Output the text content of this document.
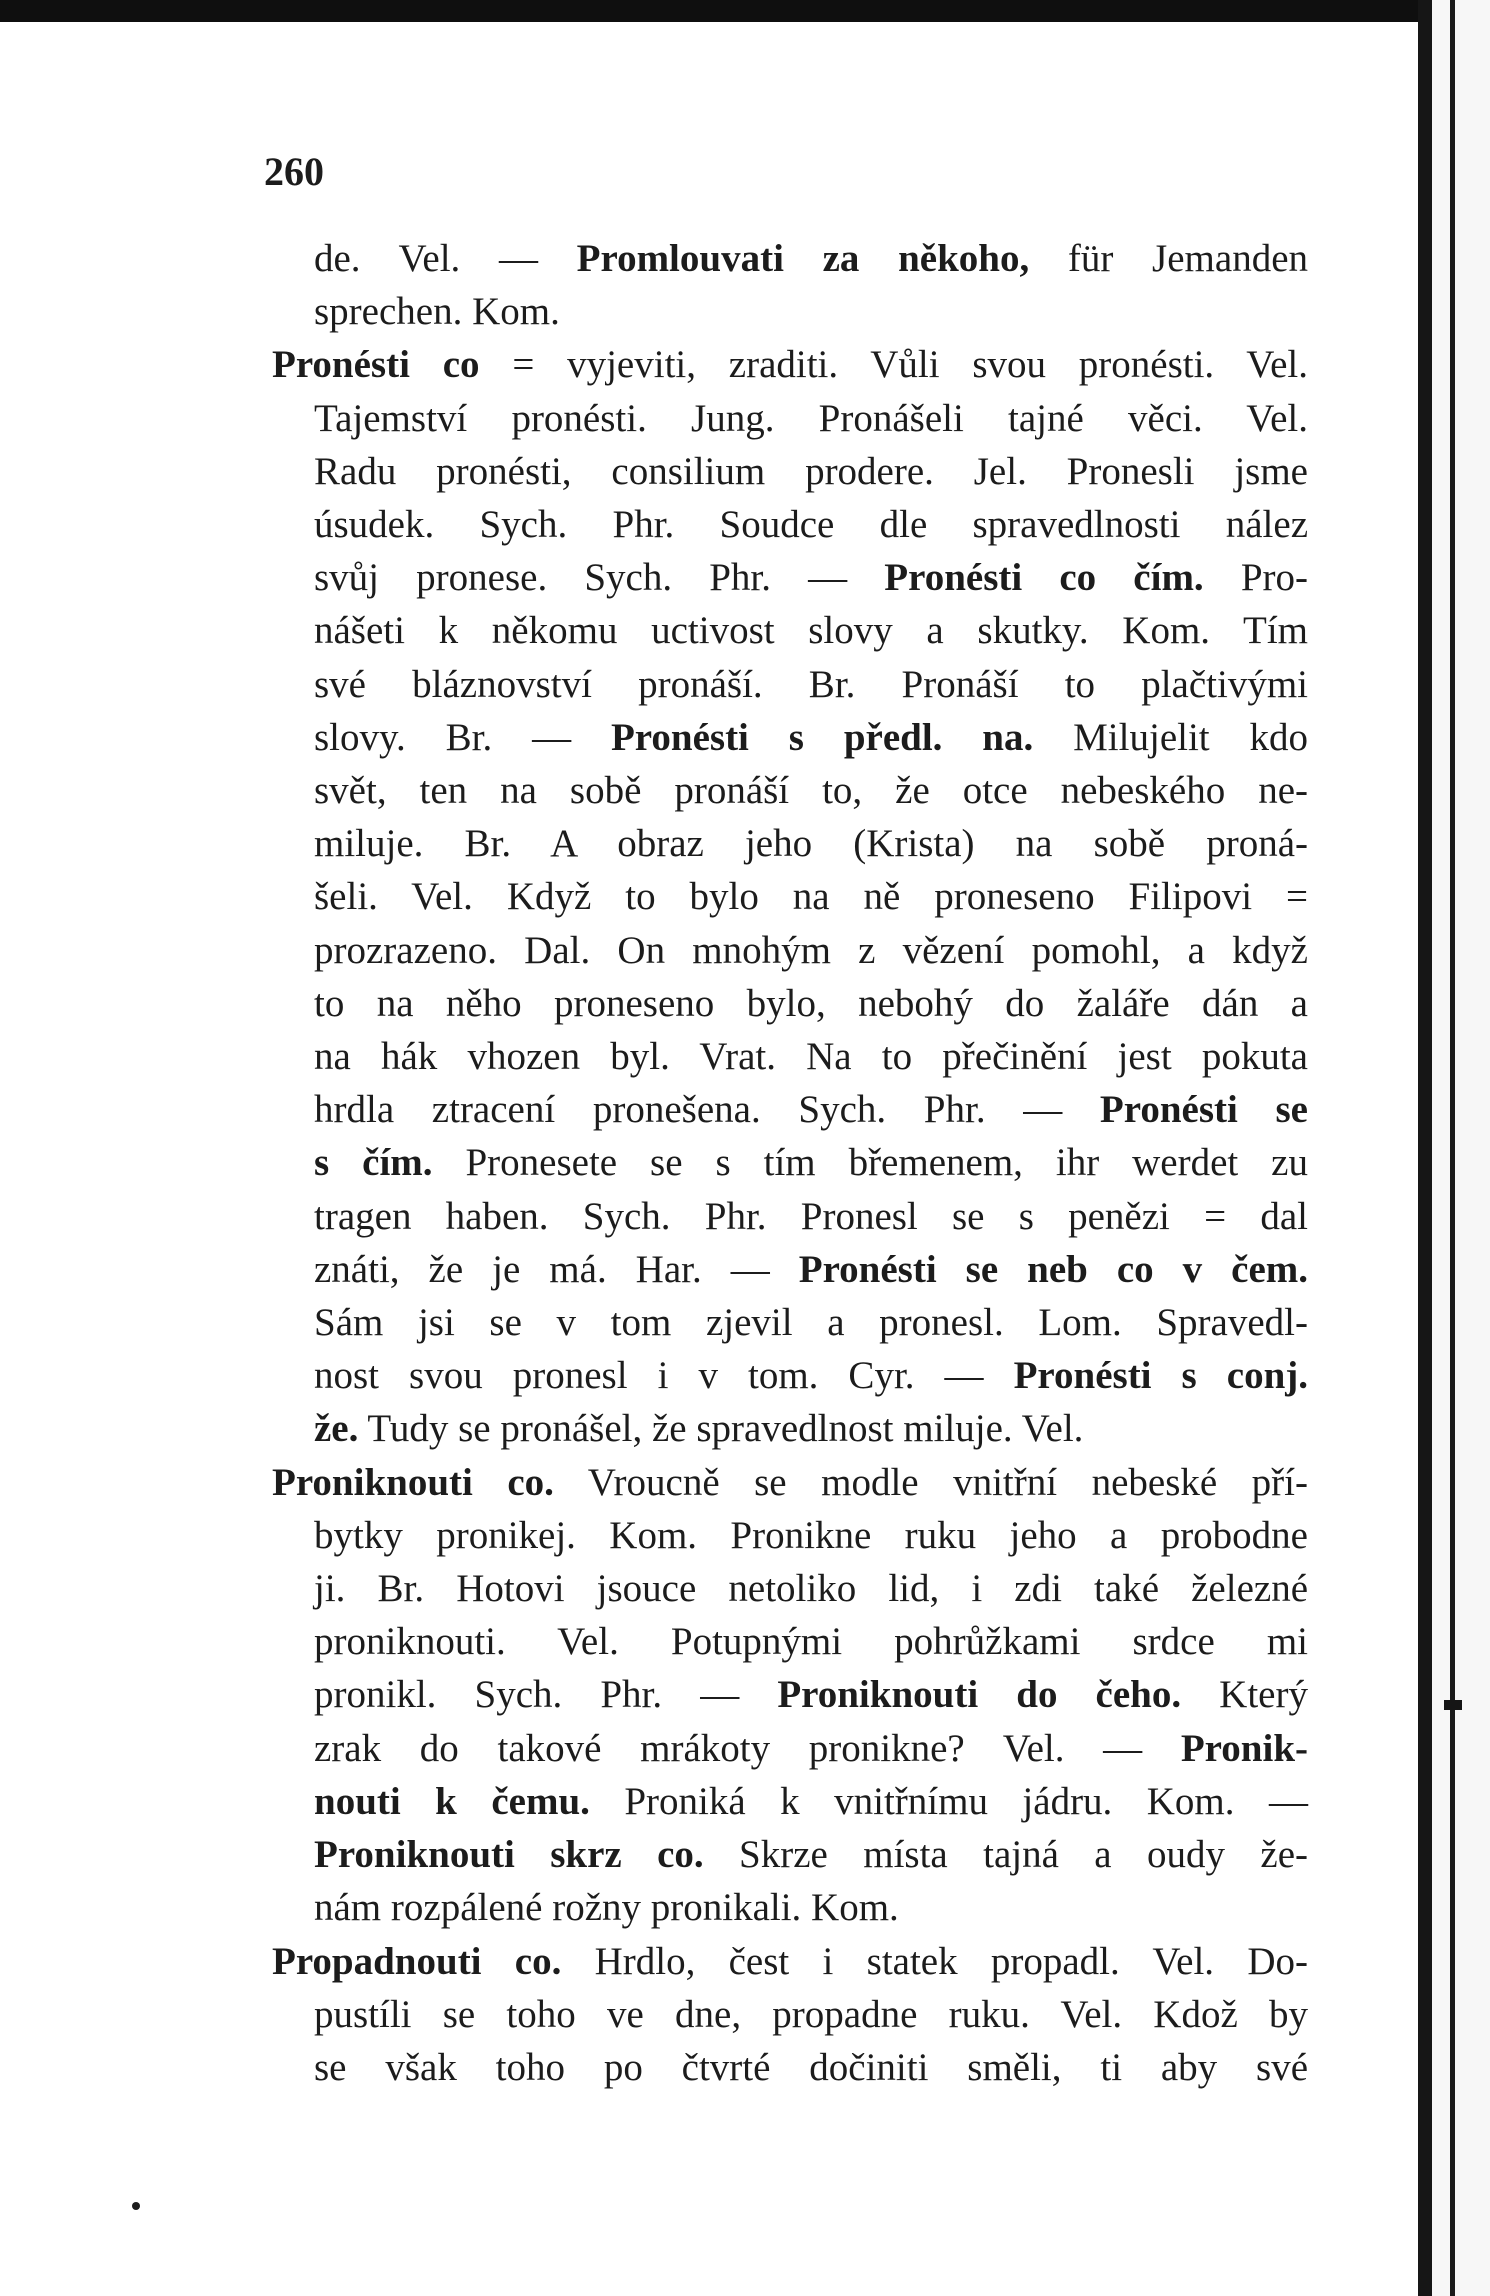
260
de. Vel. — Promlouvati za někoho, für Jemanden
sprechen. Kom.
Pronésti co = vyjeviti, zraditi. Vůli svou pronésti. Vel.
Tajemství pronésti. Jung. Pronášeli tajné věci. Vel.
Radu pronésti, consilium prodere. Jel. Pronesli jsme
úsudek. Sych. Phr. Soudce dle spravedlnosti nález
svůj pronese. Sych. Phr. — Pronésti co čím. Pro-
nášeti k někomu uctivost slovy a skutky. Kom. Tím
své bláznovství pronáší. Br. Pronáší to plačtivými
slovy. Br. — Pronésti s předl. na. Milujelit kdo
svět, ten na sobě pronáší to, že otce nebeského ne-
miluje. Br. A obraz jeho (Krista) na sobě proná-
šeli. Vel. Když to bylo na ně proneseno Filipovi =
prozrazeno. Dal. On mnohým z vězení pomohl, a když
to na něho proneseno bylo, nebohý do žaláře dán a
na hák vhozen byl. Vrat. Na to přečinění jest pokuta
hrdla ztracení pronešena. Sych. Phr. — Pronésti se
s čím. Pronesete se s tím břemenem, ihr werdet zu
tragen haben. Sych. Phr. Pronesl se s penězi = dal
znáti, že je má. Har. — Pronésti se neb co v čem.
Sám jsi se v tom zjevil a pronesl. Lom. Spravedl-
nost svou pronesl i v tom. Cyr. — Pronésti s conj.
že. Tudy se pronášel, že spravedlnost miluje. Vel.
Proniknouti co. Vroucně se modle vnitřní nebeské pří-
bytky pronikej. Kom. Pronikne ruku jeho a probodne
ji. Br. Hotovi jsouce netoliko lid, i zdi také železné
proniknouti. Vel. Potupnými pohrůžkami srdce mi
pronikl. Sych. Phr. — Proniknouti do čeho. Který
zrak do takové mrákoty pronikne? Vel. — Pronik-
nouti k čemu. Proniká k vnitřnímu jádru. Kom. —
Proniknouti skrz co. Skrze místa tajná a oudy že-
nám rozpálené rožny pronikali. Kom.
Propadnouti co. Hrdlo, čest i statek propadl. Vel. Do-
pustíli se toho ve dne, propadne ruku. Vel. Kdož by
se však toho po čtvrté dočiniti směli, ti aby své
